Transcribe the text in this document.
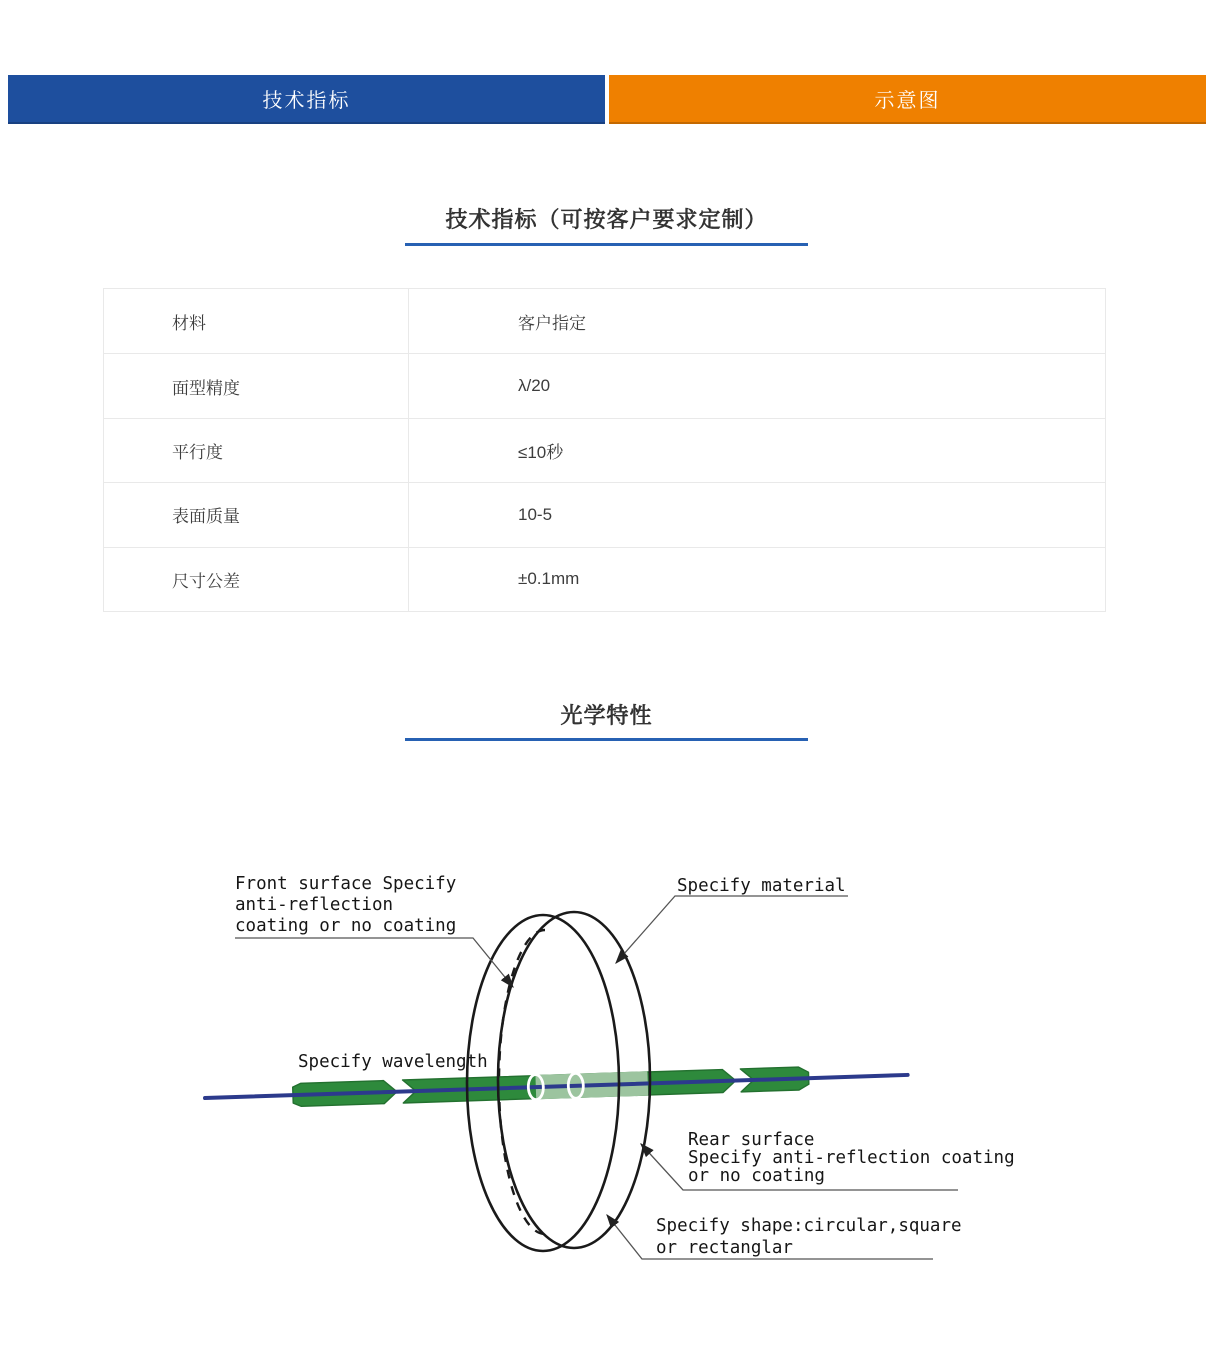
技术指标	示意图
技术指标（可按客户要求定制）
材料	客户指定
面型精度	λ/20
平行度	≤10秒
表面质量	10-5
尺寸公差	±0.1mm
光学特性
Front surface Specify anti-reflection coating or no coating
Specify material
Specify wavelength
Rear surface Specify anti-reflection coating or no coating
Specify shape:circular,square or rectanglar
